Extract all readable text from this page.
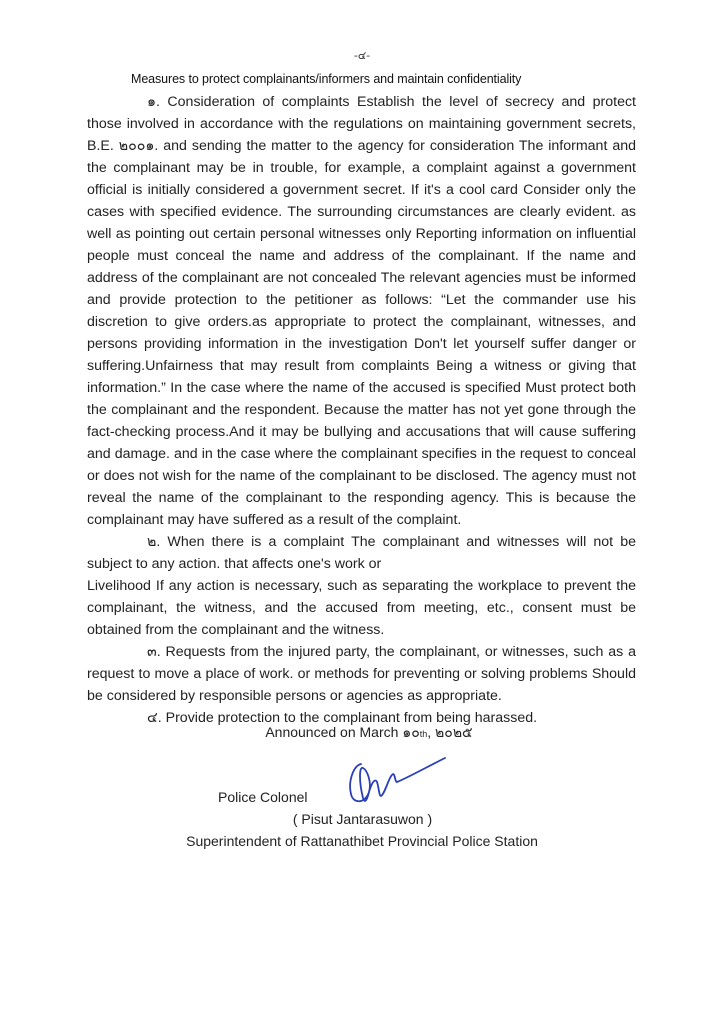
-๔-
Measures to protect complainants/informers and maintain confidentiality

๑. Consideration of complaints Establish the level of secrecy and protect those involved in accordance with the regulations on maintaining government secrets, B.E. ๒๐๐๑. and sending the matter to the agency for consideration The informant and the complainant may be in trouble, for example, a complaint against a government official is initially considered a government secret. If it's a cool card Consider only the cases with specified evidence. The surrounding circumstances are clearly evident. as well as pointing out certain personal witnesses only Reporting information on influential people must conceal the name and address of the complainant. If the name and address of the complainant are not concealed The relevant agencies must be informed and provide protection to the petitioner as follows: “Let the commander use his discretion to give orders.as appropriate to protect the complainant, witnesses, and persons providing information in the investigation Don't let yourself suffer danger or suffering.Unfairness that may result from complaints Being a witness or giving that information.” In the case where the name of the accused is specified Must protect both the complainant and the respondent. Because the matter has not yet gone through the fact-checking process.And it may be bullying and accusations that will cause suffering and damage. and in the case where the complainant specifies in the request to conceal or does not wish for the name of the complainant to be disclosed. The agency must not reveal the name of the complainant to the responding agency. This is because the complainant may have suffered as a result of the complaint.

๒. When there is a complaint The complainant and witnesses will not be subject to any action. that affects one's work or

Livelihood If any action is necessary, such as separating the workplace to prevent the complainant, the witness, and the accused from meeting, etc., consent must be obtained from the complainant and the witness.

๓. Requests from the injured party, the complainant, or witnesses, such as a request to move a place of work. or methods for preventing or solving problems Should be considered by responsible persons or agencies as appropriate.

๔. Provide protection to the complainant from being harassed.

Announced on March ๑๐th, ๒๐๒๕
Police Colonel
( Pisut Jantarasuwon )
Superintendent of Rattanathibet Provincial Police Station
